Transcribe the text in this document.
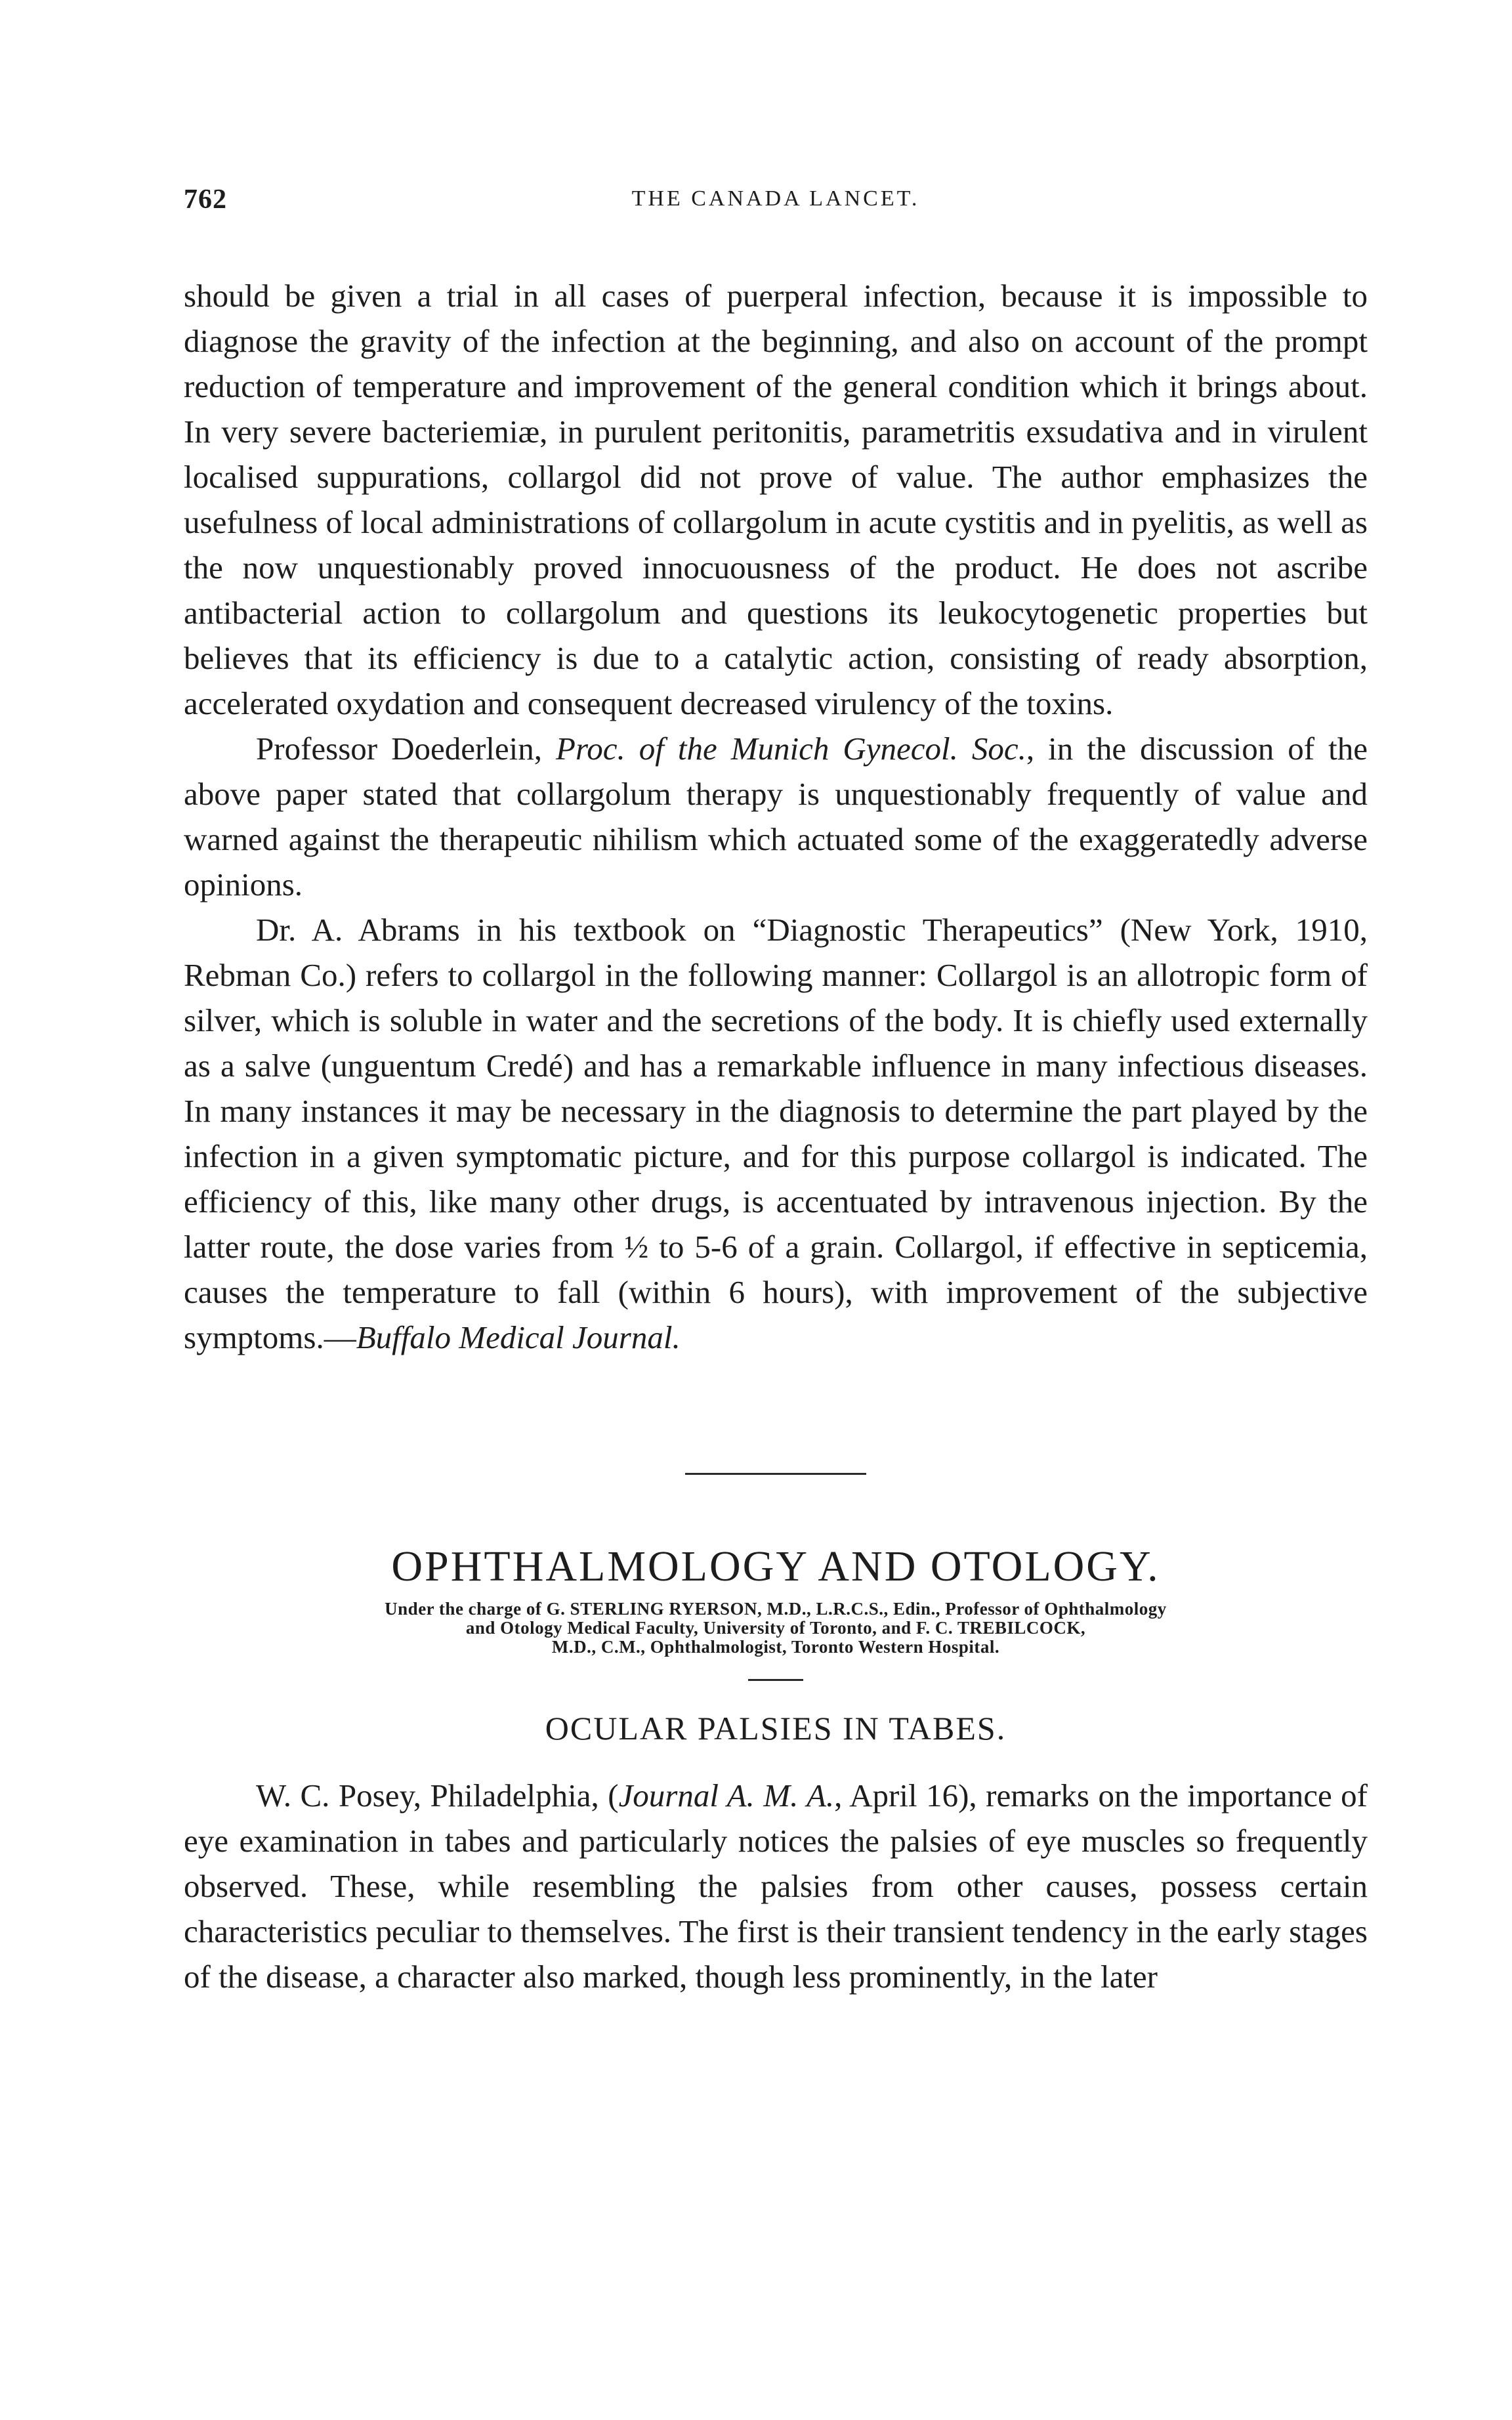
762	THE CANADA LANCET.

should be given a trial in all cases of puerperal infection, because it is impossible to diagnose the gravity of the infection at the beginning, and also on account of the prompt reduction of temperature and improvement of the general condition which it brings about. In very severe bacteriemiæ, in purulent peritonitis, parametritis exsudativa and in virulent localised suppurations, collargol did not prove of value. The author emphasizes the usefulness of local administrations of collargolum in acute cystitis and in pyelitis, as well as the now unquestionably proved innocuousness of the product. He does not ascribe antibacterial action to collargolum and questions its leukocytogenetic properties but believes that its efficiency is due to a catalytic action, consisting of ready absorption, accelerated oxydation and consequent decreased virulency of the toxins.

Professor Doederlein, Proc. of the Munich Gynecol. Soc., in the discussion of the above paper stated that collargolum therapy is unquestionably frequently of value and warned against the therapeutic nihilism which actuated some of the exaggeratedly adverse opinions.

Dr. A. Abrams in his textbook on “Diagnostic Therapeutics” (New York, 1910, Rebman Co.) refers to collargol in the following manner: Collargol is an allotropic form of silver, which is soluble in water and the secretions of the body. It is chiefly used externally as a salve (unguentum Credé) and has a remarkable influence in many infectious diseases. In many instances it may be necessary in the diagnosis to determine the part played by the infection in a given symptomatic picture, and for this purpose collargol is indicated. The efficiency of this, like many other drugs, is accentuated by intravenous injection. By the latter route, the dose varies from ½ to 5-6 of a grain. Collargol, if effective in septicemia, causes the temperature to fall (within 6 hours), with improvement of the subjective symptoms.—Buffalo Medical Journal.

OPHTHALMOLOGY AND OTOLOGY.
Under the charge of G. STERLING RYERSON, M.D., L.R.C.S., Edin., Professor of Ophthalmology
and Otology Medical Faculty, University of Toronto, and F. C. TREBILCOCK,
M.D., C.M., Ophthalmologist, Toronto Western Hospital.
OCULAR PALSIES IN TABES.

W. C. Posey, Philadelphia, (Journal A. M. A., April 16), remarks on the importance of eye examination in tabes and particularly notices the palsies of eye muscles so frequently observed. These, while resembling the palsies from other causes, possess certain characteristics peculiar to themselves. The first is their transient tendency in the early stages of the disease, a character also marked, though less prominently, in the later
